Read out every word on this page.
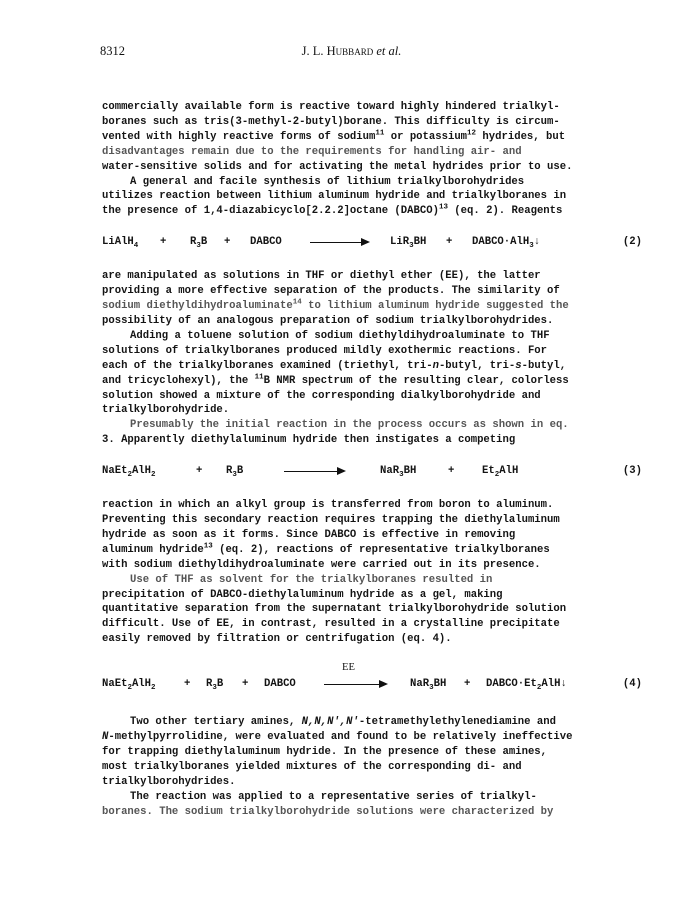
8312	J. L. Hubbard et al.
commercially available form is reactive toward highly hindered trialkyl-
boranes such as tris(3-methyl-2-butyl)borane. This difficulty is circum-
vented with highly reactive forms of sodium$^{11}$ or potassium$^{12}$ hydrides, but
disadvantages remain due to the requirements for handling air- and
water-sensitive solids and for activating the metal hydrides prior to use.
A general and facile synthesis of lithium trialkylborohydrides
utilizes reaction between lithium aluminum hydride and trialkylboranes in
the presence of 1,4-diazabicyclo[2.2.2]octane (DABCO)$^{13}$ (eq. 2). Reagents
LiAlH$_4$ + $R_3B$ + DABCO	LiR$_3$BH + DABCO·AlH$_3$↓	(2)
are manipulated as solutions in THF or diethyl ether (EE), the latter
providing a more effective separation of the products. The similarity of
sodium diethyldihydroaluminate$^{14}$ to lithium aluminum hydride suggested the
possibility of an analogous preparation of sodium trialkylborohydrides.
Adding a toluene solution of sodium diethyldihydroaluminate to THF
solutions of trialkylboranes produced mildly exothermic reactions. For
each of the trialkylboranes examined (triethyl, tri-n-butyl, tri-s-butyl,
and tricyclohexyl), the $^{11}$B NMR spectrum of the resulting clear, colorless
solution showed a mixture of the corresponding dialkylborohydride and
trialkylborohydride.
Presumably the initial reaction in the process occurs as shown in eq.
3. Apparently diethylaluminum hydride then instigates a competing
NaEt$_2$AlH$_2$	+ $R_3B$	NaR$_3$BH	+	$Et_2AlH$	(3)
reaction in which an alkyl group is transferred from boron to aluminum.
Preventing this secondary reaction requires trapping the diethylaluminum
hydride as soon as it forms. Since DABCO is effective in removing
aluminum hydride$^{13}$ (eq. 2), reactions of representative trialkylboranes
with sodium diethyldihydroaluminate were carried out in its presence.
Use of THF as solvent for the trialkylboranes resulted in
precipitation of DABCO-diethylaluminum hydride as a gel, making
quantitative separation from the supernatant trialkylborohydride solution
difficult. Use of EE, in contrast, resulted in a crystalline precipitate
easily removed by filtration or centrifugation (eq. 4).
EE
NaEt$_2$AlH$_2$	+ $R_3B$ + DABCO	$NaR_3BH + DABCO\cdot Et_2AlH↓$	(4)
Two other tertiary amines, N,N,N',N'-tetramethylethylenediamine and
N-methylpyrrolidine, were evaluated and found to be relatively ineffective
for trapping diethylaluminum hydride. In the presence of these amines,
most trialkylboranes yielded mixtures of the corresponding di- and
trialkylborohydrides.
The reaction was applied to a representative series of trialkyl-
boranes. The sodium trialkylborohydride solutions were characterized by
